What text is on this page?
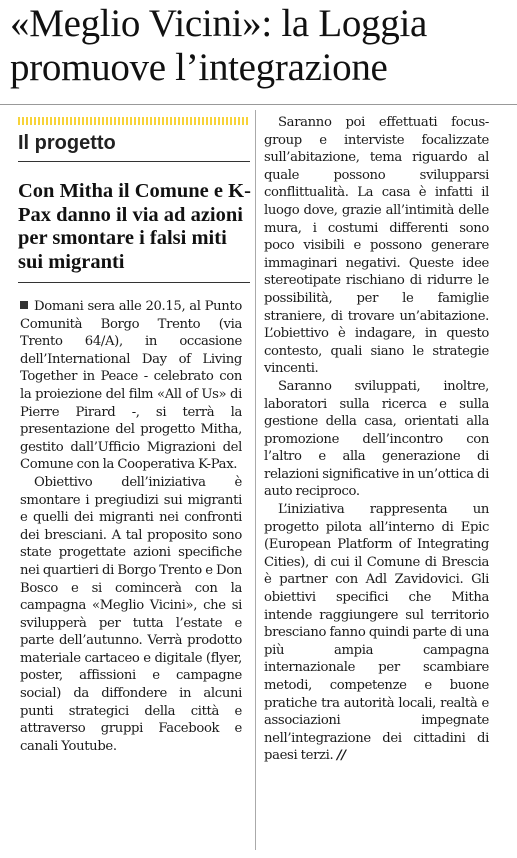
«Meglio Vicini»: la Loggia promuove l’integrazione
Il progetto
Con Mitha il Comune e K-Pax danno il via ad azioni per smontare i falsi miti sui migranti

Domani sera alle 20.15, al Punto Comunità Borgo Trento (via Trento 64/A), in occasione dell’International Day of Living Together in Peace - celebrato con la proiezione del film «All of Us» di Pierre Pirard -, si terrà la presentazione del progetto Mitha, gestito dall’Ufficio Migrazioni del Comune con la Cooperativa K-Pax.

Obiettivo dell’iniziativa è smontare i pregiudizi sui migranti e quelli dei migranti nei confronti dei bresciani. A tal proposito sono state progettate azioni specifiche nei quartieri di Borgo Trento e Don Bosco e si comincerà con la campagna «Meglio Vicini», che si svilupperà per tutta l’estate e parte dell’autunno. Verrà prodotto materiale cartaceo e digitale (flyer, poster, affissioni e campagne social) da diffondere in alcuni punti strategici della città e attraverso gruppi Facebook e canali Youtube.

Saranno poi effettuati focus-group e interviste focalizzate sull’abitazione, tema riguardo al quale possono svilupparsi conflittualità. La casa è infatti il luogo dove, grazie all’intimità delle mura, i costumi differenti sono poco visibili e possono generare immaginari negativi. Queste idee stereotipate rischiano di ridurre le possibilità, per le famiglie straniere, di trovare un’abitazione. L’obiettivo è indagare, in questo contesto, quali siano le strategie vincenti.

Saranno sviluppati, inoltre, laboratori sulla ricerca e sulla gestione della casa, orientati alla promozione dell’incontro con l’altro e alla generazione di relazioni significative in un’ottica di auto reciproco.

L’iniziativa rappresenta un progetto pilota all’interno di Epic (European Platform of Integrating Cities), di cui il Comune di Brescia è partner con Adl Zavidovici. Gli obiettivi specifici che Mitha intende raggiungere sul territorio bresciano fanno quindi parte di una più ampia campagna internazionale per scambiare metodi, competenze e buone pratiche tra autorità locali, realtà e associazioni impegnate nell’integrazione dei cittadini di paesi terzi. //
